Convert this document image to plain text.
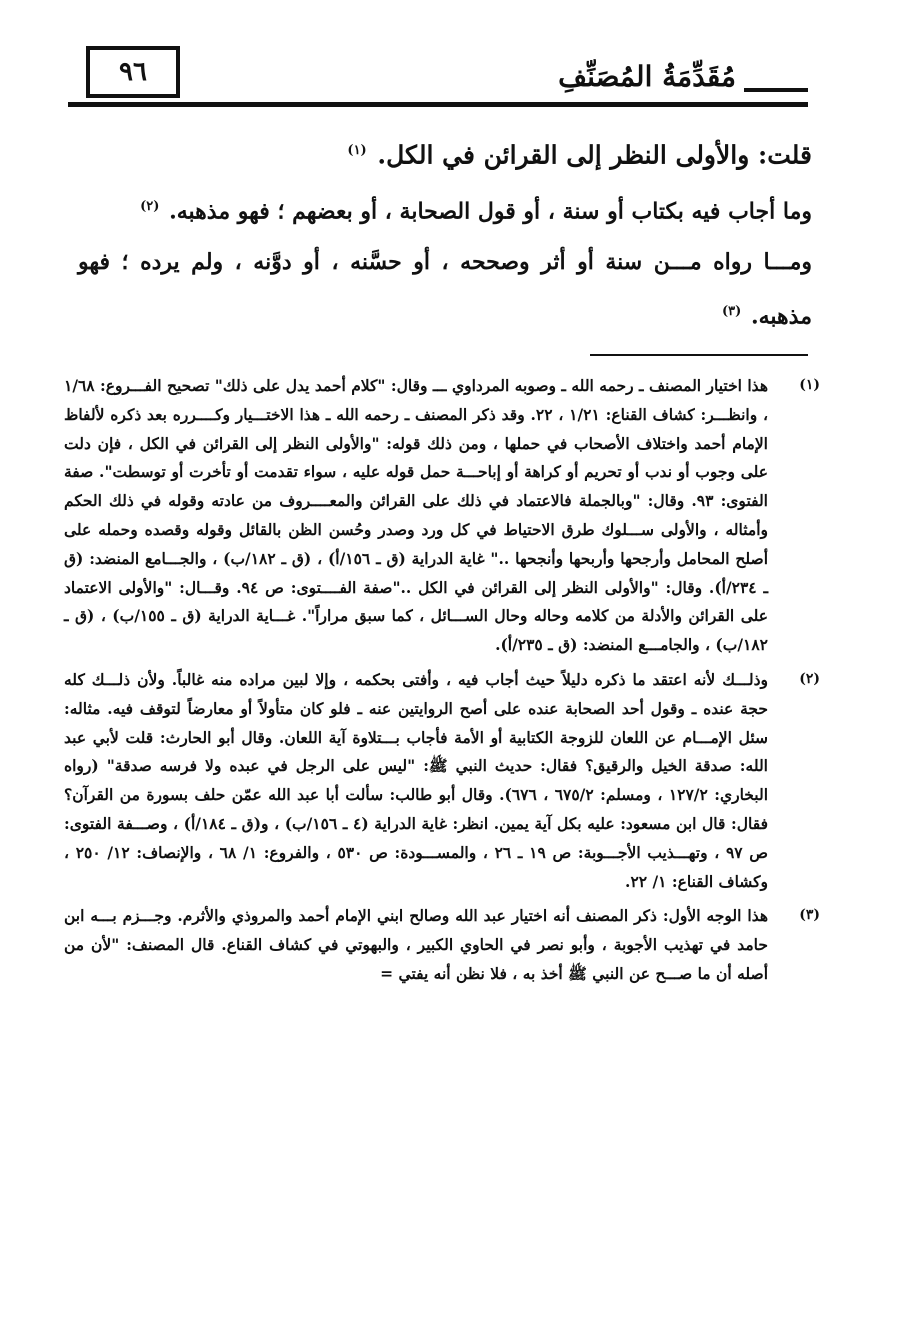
٩٦	مُقَدِّمَةُ المُصَنِّفِ

قلت: والأولى النظر إلى القرائن في الكل. $^{(١)}$

وما أجاب فيه بكتاب أو سنة ، أو قول الصحابة ، أو بعضهم ؛ فهو مذهبه. $^{(٢)}$

ومـــا رواه مـــن سنة أو أثر وصححه ، أو حسَّنه ، أو دوَّنه ، ولم يرده ؛ فهو مذهبه. $^{(٣)}$

(١)

هذا اختيار المصنف ـ رحمه الله ـ وصوبه المرداوي ـــ وقال: "كلام أحمد يدل على ذلك" تصحيح الفـــروع: ١/٦٨ ، وانظـــر: كشاف القناع: ١/٢١ ، ٢٢. وقد ذكر المصنف ـ رحمه الله ـ هذا الاختـــيار وكــــرره بعد ذكره لألفاظ الإمام أحمد واختلاف الأصحاب في حملها ، ومن ذلك قوله: "والأولى النظر إلى القرائن في الكل ، فإن دلت على وجوب أو ندب أو تحريم أو كراهة أو إباحـــة حمل قوله عليه ، سواء تقدمت أو تأخرت أو توسطت". صفة الفتوى: ٩٣. وقال: "وبالجملة فالاعتماد في ذلك على القرائن والمعــــروف من عادته وقوله في ذلك الحكم وأمثاله ، والأولى ســـلوك طرق الاحتياط في كل ورد وصدر وحُسن الظن بالقائل وقوله وقصده وحمله على أصلح المحامل وأرجحها وأربحها وأنجحها .." غاية الدراية (ق ـ ١٥٦/أ) ، (ق ـ ١٨٢/ب) ، والجـــامع المنضد: (ق ـ ٢٣٤/أ). وقال: "والأولى النظر إلى القرائن في الكل .."صفة الفــــتوى: ص ٩٤. وقـــال: "والأولى الاعتماد على القرائن والأدلة من كلامه وحاله وحال الســـائل ، كما سبق مراراً". غـــاية الدراية (ق ـ ١٥٥/ب) ، (ق ـ ١٨٢/ب) ، والجامـــع المنضد: (ق ـ ٢٣٥/أ).

(٢)

وذلـــك لأنه اعتقد ما ذكره دليلاً حيث أجاب فيه ، وأفتى بحكمه ، وإلا لبين مراده منه غالباً. ولأن ذلـــك كله حجة عنده ـ وقول أحد الصحابة عنده على أصح الروايتين عنه ـ فلو كان متأولاً أو معارضاً لتوقف فيه. مثاله: سئل الإمـــام عن اللعان للزوجة الكتابية أو الأمة فأجاب بـــتلاوة آية اللعان. وقال أبو الحارث: قلت لأبي عبد الله: صدقة الخيل والرقيق؟ فقال: حديث النبي ﷺ: "ليس على الرجل في عبده ولا فرسه صدقة" (رواه البخاري: ١٢٧/٢ ، ومسلم: ٦٧٥/٢ ، ٦٧٦). وقال أبو طالب: سألت أبا عبد الله عمّن حلف بسورة من القرآن؟ فقال: قال ابن مسعود: عليه بكل آية يمين. انظر: غاية الدراية (٤ ـ ١٥٦/ب) ، و(ق ـ ١٨٤/أ) ، وصـــفة الفتوى: ص ٩٧ ، وتهـــذيب الأجـــوبة: ص ١٩ ـ ٢٦ ، والمســـودة: ص ٥٣٠ ، والفروع: ١/ ٦٨ ، والإنصاف: ١٢/ ٢٥٠ ، وكشاف القناع: ١/ ٢٢.

(٣)

هذا الوجه الأول: ذكر المصنف أنه اختيار عبد الله وصالح ابني الإمام أحمد والمروذي والأثرم. وجـــزم بـــه ابن حامد في تهذيب الأجوبة ، وأبو نصر في الحاوي الكبير ، والبهوتي في كشاف القناع. قال المصنف: "لأن من أصله أن ما صـــح عن النبي ﷺ أخذ به ، فلا نظن أنه يفتي =
